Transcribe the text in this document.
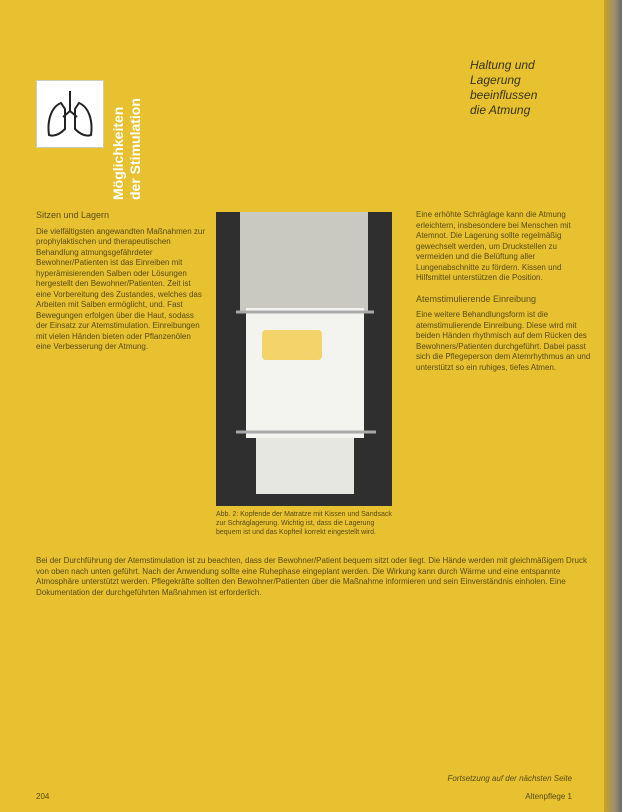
Möglichkeiten der Stimulation
Haltung und
Lagerung
beeinflussen
die Atmung
Sitzen und Lagern

Die vielfältigsten angewandten Maßnahmen zur prophylaktischen und therapeutischen Behandlung atmungsgefährdeter Bewohner/Patienten ist das Einreiben mit hyperämisierenden Salben oder Lösungen hergestellt den Bewohner/Patienten. Zeit ist eine Vorbereitung des Zustandes, welches das Arbeiten mit Salben ermöglicht, und. Fast Bewegungen erfolgen über die Haut, sodass der Einsatz zur Atemstimulation. Einreibungen mit vielen Händen bieten oder Pflanzenölen eine Verbesserung der Atmung.

Abb. 2: Kopfende der Matratze mit Kissen und Sandsack zur Schräglagerung. Wichtig ist, dass die Lagerung bequem ist und das Kopfteil korrekt eingestellt wird.

Eine erhöhte Schräglage kann die Atmung erleichtern, insbesondere bei Menschen mit Atemnot. Die Lagerung sollte regelmäßig gewechselt werden, um Druckstellen zu vermeiden und die Belüftung aller Lungenabschnitte zu fördern. Kissen und Hilfsmittel unterstützen die Position.

Atemstimulierende Einreibung

Eine weitere Behandlungsform ist die atemstimulierende Einreibung. Diese wird mit beiden Händen rhythmisch auf dem Rücken des Bewohners/Patienten durchgeführt. Dabei passt sich die Pflegeperson dem Atemrhythmus an und unterstützt so ein ruhiges, tiefes Atmen.

Bei der Durchführung der Atemstimulation ist zu beachten, dass der Bewohner/Patient bequem sitzt oder liegt. Die Hände werden mit gleichmäßigem Druck von oben nach unten geführt. Nach der Anwendung sollte eine Ruhephase eingeplant werden. Die Wirkung kann durch Wärme und eine entspannte Atmosphäre unterstützt werden. Pflegekräfte sollten den Bewohner/Patienten über die Maßnahme informieren und sein Einverständnis einholen. Eine Dokumentation der durchgeführten Maßnahmen ist erforderlich.

Fortsetzung auf der nächsten Seite
204	Altenpflege 1
